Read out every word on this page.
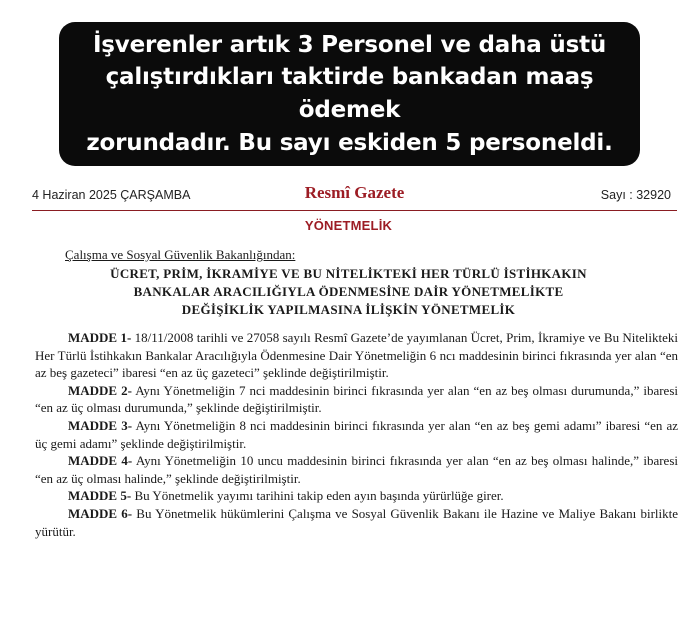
İşverenler artık 3 Personel ve daha üstü
çalıştırdıkları taktirde bankadan maaş ödemek
zorundadır. Bu sayı eskiden 5 personeldi.
4 Haziran 2025 ÇARŞAMBA	Resmî Gazete	Sayı : 32920
YÖNETMELİK
Çalışma ve Sosyal Güvenlik Bakanlığından:
ÜCRET, PRİM, İKRAMİYE VE BU NİTELİKTEKİ HER TÜRLÜ İSTİHKAKIN
BANKALAR ARACILIĞIYLA ÖDENMESİNE DAİR YÖNETMELİKTE
DEĞİŞİKLİK YAPILMASINA İLİŞKİN YÖNETMELİK

MADDE 1- 18/11/2008 tarihli ve 27058 sayılı Resmî Gazete’de yayımlanan Ücret, Prim, İkramiye ve Bu Nitelikteki Her Türlü İstihkakın Bankalar Aracılığıyla Ödenmesine Dair Yönetmeliğin 6 ncı maddesinin birinci fıkrasında yer alan “en az beş gazeteci” ibaresi “en az üç gazeteci” şeklinde değiştirilmiştir.

MADDE 2- Aynı Yönetmeliğin 7 nci maddesinin birinci fıkrasında yer alan “en az beş olması durumunda,” ibaresi “en az üç olması durumunda,” şeklinde değiştirilmiştir.

MADDE 3- Aynı Yönetmeliğin 8 nci maddesinin birinci fıkrasında yer alan “en az beş gemi adamı” ibaresi “en az üç gemi adamı” şeklinde değiştirilmiştir.

MADDE 4- Aynı Yönetmeliğin 10 uncu maddesinin birinci fıkrasında yer alan “en az beş olması halinde,” ibaresi “en az üç olması halinde,” şeklinde değiştirilmiştir.

MADDE 5- Bu Yönetmelik yayımı tarihini takip eden ayın başında yürürlüğe girer.

MADDE 6- Bu Yönetmelik hükümlerini Çalışma ve Sosyal Güvenlik Bakanı ile Hazine ve Maliye Bakanı birlikte yürütür.
